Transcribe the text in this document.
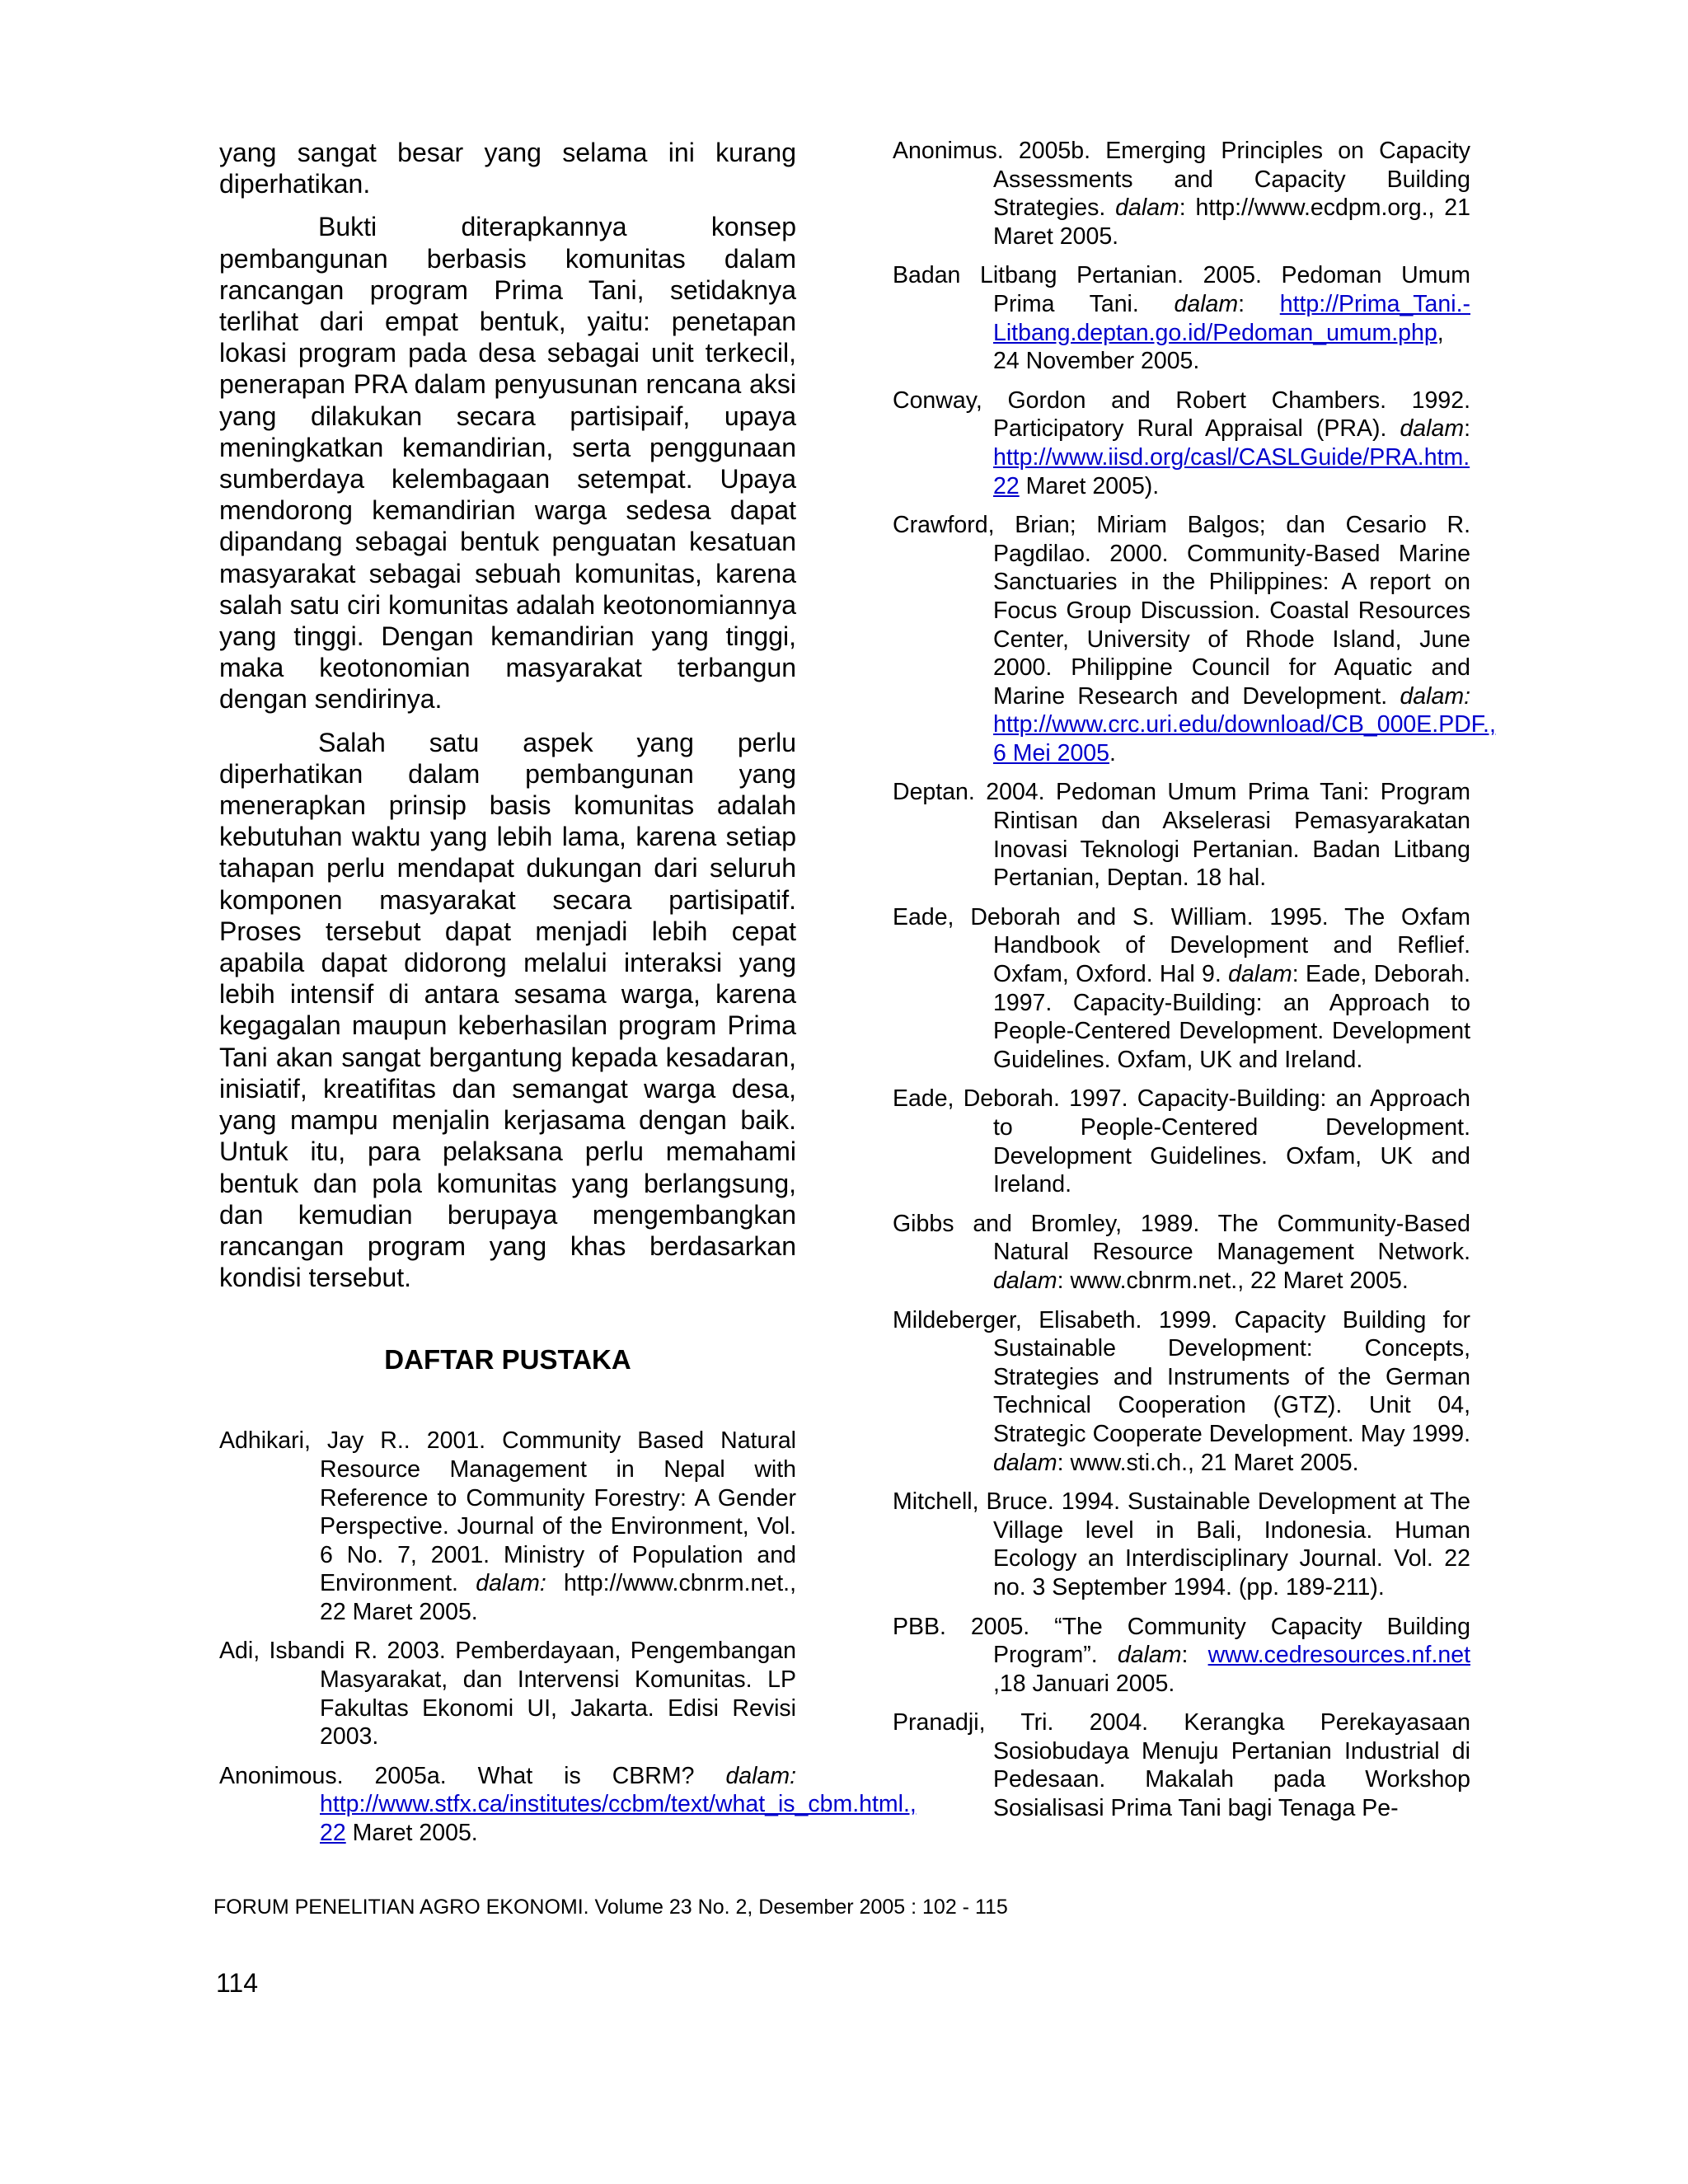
yang sangat besar yang selama ini kurang diperhatikan.

Bukti diterapkannya konsep pembangunan berbasis komunitas dalam rancangan program Prima Tani, setidaknya terlihat dari empat bentuk, yaitu: penetapan lokasi program pada desa sebagai unit terkecil, penerapan PRA dalam penyusunan rencana aksi yang dilakukan secara partisipaif, upaya meningkatkan kemandirian, serta penggunaan sumberdaya kelembagaan setempat. Upaya mendorong kemandirian warga sedesa dapat dipandang sebagai bentuk penguatan kesatuan masyarakat sebagai sebuah komunitas, karena salah satu ciri komunitas adalah keotonomiannya yang tinggi. Dengan kemandirian yang tinggi, maka keotonomian masyarakat terbangun dengan sendirinya.

Salah satu aspek yang perlu diperhatikan dalam pembangunan yang menerapkan prinsip basis komunitas adalah kebutuhan waktu yang lebih lama, karena setiap tahapan perlu mendapat dukungan dari seluruh komponen masyarakat secara partisipatif. Proses tersebut dapat menjadi lebih cepat apabila dapat didorong melalui interaksi yang lebih intensif di antara sesama warga, karena kegagalan maupun keberhasilan program Prima Tani akan sangat bergantung kepada kesadaran, inisiatif, kreatifitas dan semangat warga desa, yang mampu menjalin kerjasama dengan baik. Untuk itu, para pelaksana perlu memahami bentuk dan pola komunitas yang berlangsung, dan kemudian berupaya mengembangkan rancangan program yang khas berdasarkan kondisi tersebut.

DAFTAR PUSTAKA
Adhikari, Jay R.. 2001. Community Based Natural Resource Management in Nepal with Reference to Community Forestry: A Gender Perspective. Journal of the Environment, Vol. 6 No. 7, 2001. Ministry of Population and Environment. dalam: http://www.cbnrm.net., 22 Maret 2005.
Adi, Isbandi R. 2003. Pemberdayaan, Pengembangan Masyarakat, dan Intervensi Komunitas. LP Fakultas Ekonomi UI, Jakarta. Edisi Revisi 2003.
Anonimous. 2005a. What is CBRM? dalam: http://www.stfx.ca/institutes/ccbm/text/what_is_cbm.html., 22 Maret 2005.
Anonimus. 2005b. Emerging Principles on Capacity Assessments and Capacity Building Strategies. dalam: http://www.ecdpm.org., 21 Maret 2005.
Badan Litbang Pertanian. 2005. Pedoman Umum Prima Tani. dalam: http://Prima_Tani.-Litbang.deptan.go.id/Pedoman_umum.php, 24 November 2005.
Conway, Gordon and Robert Chambers. 1992. Participatory Rural Appraisal (PRA). dalam: http://www.iisd.org/casl/CASLGuide/PRA.htm. 22 Maret 2005).
Crawford, Brian; Miriam Balgos; dan Cesario R. Pagdilao. 2000. Community-Based Marine Sanctuaries in the Philippines: A report on Focus Group Discussion. Coastal Resources Center, University of Rhode Island, June 2000. Philippine Council for Aquatic and Marine Research and Development. dalam: http://www.crc.uri.edu/download/CB_000E.PDF., 6 Mei 2005.
Deptan. 2004. Pedoman Umum Prima Tani: Program Rintisan dan Akselerasi Pemasyarakatan Inovasi Teknologi Pertanian. Badan Litbang Pertanian, Deptan. 18 hal.
Eade, Deborah and S. William. 1995. The Oxfam Handbook of Development and Reflief. Oxfam, Oxford. Hal 9. dalam: Eade, Deborah. 1997. Capacity-Building: an Approach to People-Centered Development. Development Guidelines. Oxfam, UK and Ireland.
Eade, Deborah. 1997. Capacity-Building: an Approach to People-Centered Development. Development Guidelines. Oxfam, UK and Ireland.
Gibbs and Bromley, 1989. The Community-Based Natural Resource Management Network. dalam: www.cbnrm.net., 22 Maret 2005.
Mildeberger, Elisabeth. 1999. Capacity Building for Sustainable Development: Concepts, Strategies and Instruments of the German Technical Cooperation (GTZ). Unit 04, Strategic Cooperate Development. May 1999. dalam: www.sti.ch., 21 Maret 2005.
Mitchell, Bruce. 1994. Sustainable Development at The Village level in Bali, Indonesia. Human Ecology an Interdisciplinary Journal. Vol. 22 no. 3 September 1994. (pp. 189-211).
PBB. 2005. “The Community Capacity Building Program”. dalam: www.cedresources.nf.net ,18 Januari 2005.
Pranadji, Tri. 2004. Kerangka Perekayasaan Sosiobudaya Menuju Pertanian Industrial di Pedesaan. Makalah pada Workshop Sosialisasi Prima Tani bagi Tenaga Pe-
FORUM PENELITIAN AGRO EKONOMI. Volume 23 No. 2, Desember 2005 : 102 - 115
114
